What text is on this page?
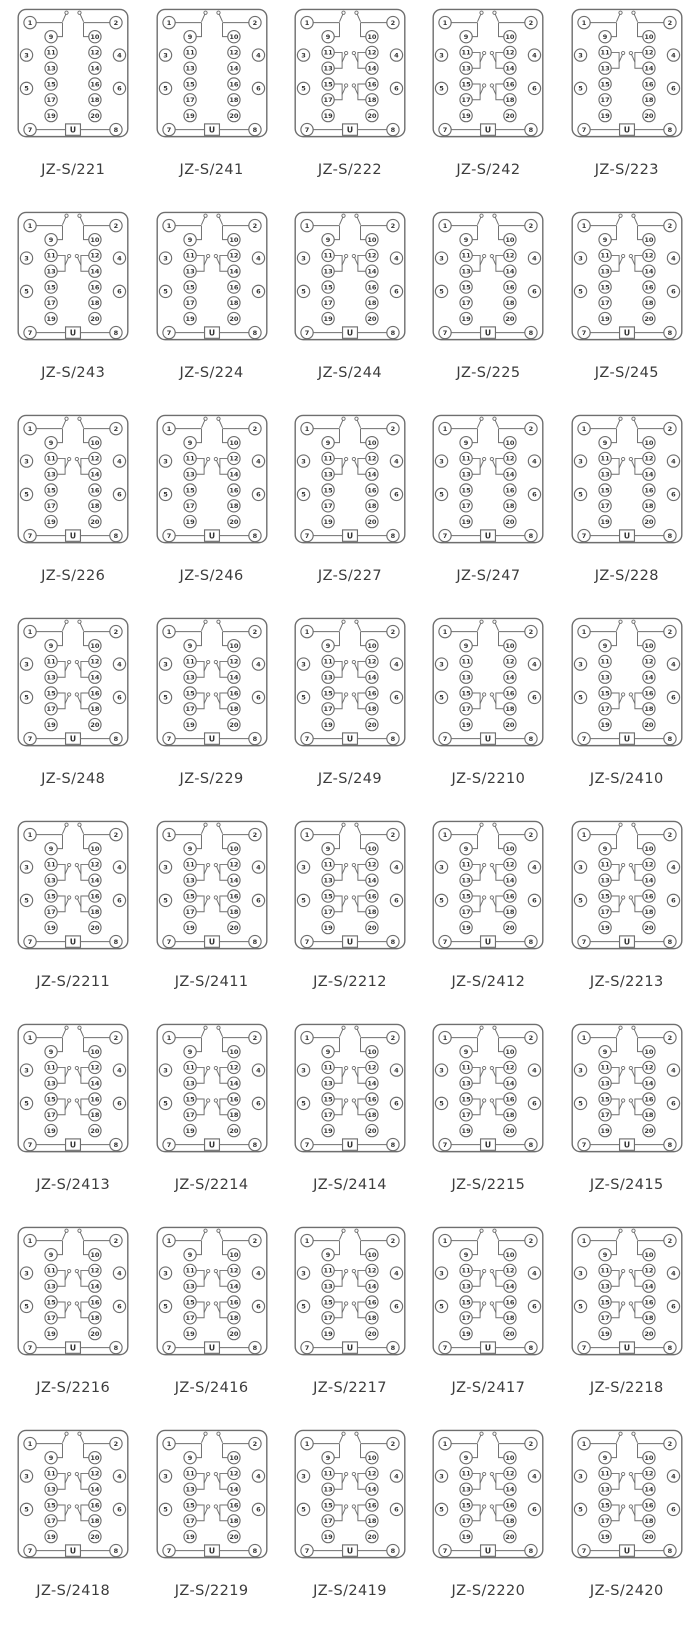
U
1	2
3	4
5	6
7	8
9	10
11	12
13	14
15	16
17	18
19	20
JZ-S/221
U
1	2
3	4
5	6
7	8
9	10
11	12
13	14
15	16
17	18
19	20
JZ-S/241
U
1	2
3	4
5	6
7	8
9	10
11	12
13	14
15	16
17	18
19	20
JZ-S/222
U
1	2
3	4
5	6
7	8
9	10
11	12
13	14
15	16
17	18
19	20
JZ-S/242
U
1	2
3	4
5	6
7	8
9	10
11	12
13	14
15	16
17	18
19	20
JZ-S/223
U
1	2
3	4
5	6
7	8
9	10
11	12
13	14
15	16
17	18
19	20
JZ-S/243
U
1	2
3	4
5	6
7	8
9	10
11	12
13	14
15	16
17	18
19	20
JZ-S/224
U
1	2
3	4
5	6
7	8
9	10
11	12
13	14
15	16
17	18
19	20
JZ-S/244
U
1	2
3	4
5	6
7	8
9	10
11	12
13	14
15	16
17	18
19	20
JZ-S/225
U
1	2
3	4
5	6
7	8
9	10
11	12
13	14
15	16
17	18
19	20
JZ-S/245
U
1	2
3	4
5	6
7	8
9	10
11	12
13	14
15	16
17	18
19	20
JZ-S/226
U
1	2
3	4
5	6
7	8
9	10
11	12
13	14
15	16
17	18
19	20
JZ-S/246
U
1	2
3	4
5	6
7	8
9	10
11	12
13	14
15	16
17	18
19	20
JZ-S/227
U
1	2
3	4
5	6
7	8
9	10
11	12
13	14
15	16
17	18
19	20
JZ-S/247
U
1	2
3	4
5	6
7	8
9	10
11	12
13	14
15	16
17	18
19	20
JZ-S/228
U
1	2
3	4
5	6
7	8
9	10
11	12
13	14
15	16
17	18
19	20
JZ-S/248
U
1	2
3	4
5	6
7	8
9	10
11	12
13	14
15	16
17	18
19	20
JZ-S/229
U
1	2
3	4
5	6
7	8
9	10
11	12
13	14
15	16
17	18
19	20
JZ-S/249
U
1	2
3	4
5	6
7	8
9	10
11	12
13	14
15	16
17	18
19	20
JZ-S/2210
U
1	2
3	4
5	6
7	8
9	10
11	12
13	14
15	16
17	18
19	20
JZ-S/2410
U
1	2
3	4
5	6
7	8
9	10
11	12
13	14
15	16
17	18
19	20
JZ-S/2211
U
1	2
3	4
5	6
7	8
9	10
11	12
13	14
15	16
17	18
19	20
JZ-S/2411
U
1	2
3	4
5	6
7	8
9	10
11	12
13	14
15	16
17	18
19	20
JZ-S/2212
U
1	2
3	4
5	6
7	8
9	10
11	12
13	14
15	16
17	18
19	20
JZ-S/2412
U
1	2
3	4
5	6
7	8
9	10
11	12
13	14
15	16
17	18
19	20
JZ-S/2213
U
1	2
3	4
5	6
7	8
9	10
11	12
13	14
15	16
17	18
19	20
JZ-S/2413
U
1	2
3	4
5	6
7	8
9	10
11	12
13	14
15	16
17	18
19	20
JZ-S/2214
U
1	2
3	4
5	6
7	8
9	10
11	12
13	14
15	16
17	18
19	20
JZ-S/2414
U
1	2
3	4
5	6
7	8
9	10
11	12
13	14
15	16
17	18
19	20
JZ-S/2215
U
1	2
3	4
5	6
7	8
9	10
11	12
13	14
15	16
17	18
19	20
JZ-S/2415
U
1	2
3	4
5	6
7	8
9	10
11	12
13	14
15	16
17	18
19	20
JZ-S/2216
U
1	2
3	4
5	6
7	8
9	10
11	12
13	14
15	16
17	18
19	20
JZ-S/2416
U
1	2
3	4
5	6
7	8
9	10
11	12
13	14
15	16
17	18
19	20
JZ-S/2217
U
1	2
3	4
5	6
7	8
9	10
11	12
13	14
15	16
17	18
19	20
JZ-S/2417
U
1	2
3	4
5	6
7	8
9	10
11	12
13	14
15	16
17	18
19	20
JZ-S/2218
U
1	2
3	4
5	6
7	8
9	10
11	12
13	14
15	16
17	18
19	20
JZ-S/2418
U
1	2
3	4
5	6
7	8
9	10
11	12
13	14
15	16
17	18
19	20
JZ-S/2219
U
1	2
3	4
5	6
7	8
9	10
11	12
13	14
15	16
17	18
19	20
JZ-S/2419
U
1	2
3	4
5	6
7	8
9	10
11	12
13	14
15	16
17	18
19	20
JZ-S/2220
U
1	2
3	4
5	6
7	8
9	10
11	12
13	14
15	16
17	18
19	20
JZ-S/2420
